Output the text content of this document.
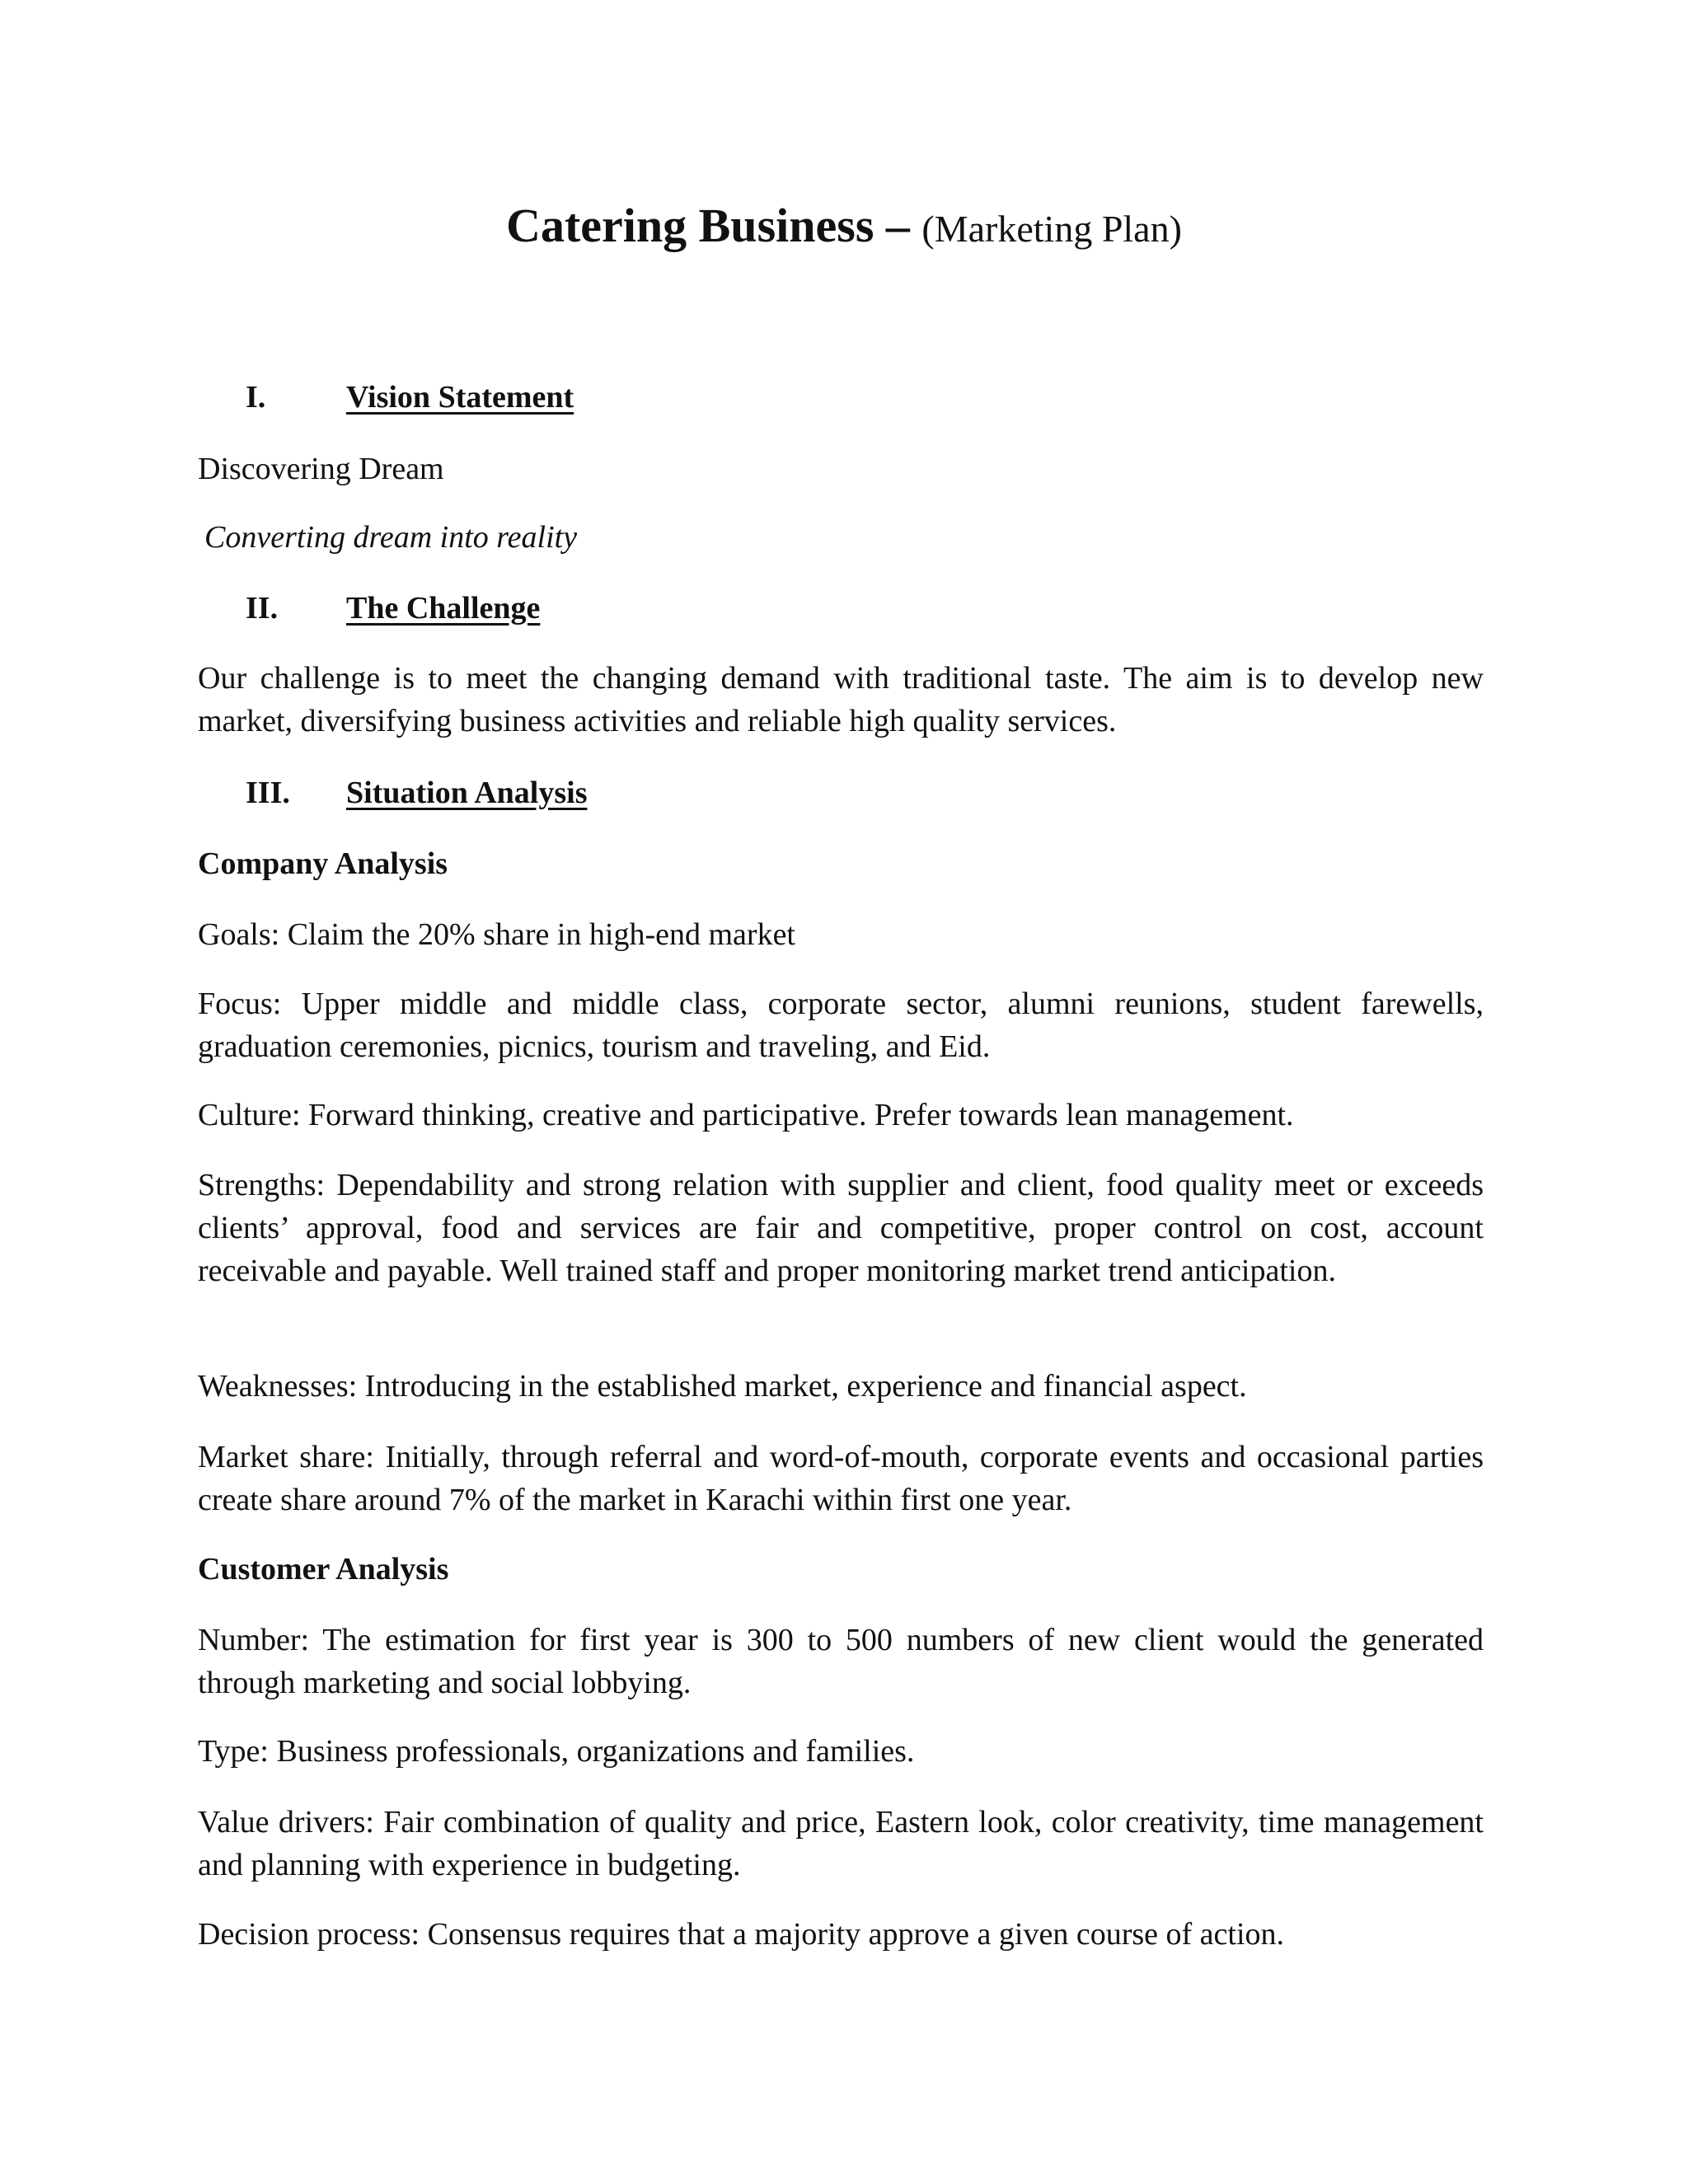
Catering Business – (Marketing Plan)
I.	Vision Statement
Discovering Dream
Converting dream into reality
II. The Challenge
Our challenge is to meet the changing demand with traditional taste. The aim is to develop new market, diversifying business activities and reliable high quality services.
III. Situation Analysis
Company Analysis
Goals: Claim the 20% share in high-end market
Focus: Upper middle and middle class, corporate sector, alumni reunions, student farewells, graduation ceremonies, picnics, tourism and traveling, and Eid.
Culture: Forward thinking, creative and participative. Prefer towards lean management.
Strengths: Dependability and strong relation with supplier and client, food quality meet or exceeds clients’ approval, food and services are fair and competitive, proper control on cost, account receivable and payable. Well trained staff and proper monitoring market trend anticipation.
Weaknesses: Introducing in the established market, experience and financial aspect.
Market share: Initially, through referral and word-of-mouth, corporate events and occasional parties create share around 7% of the market in Karachi within first one year.
Customer Analysis
Number: The estimation for first year is 300 to 500 numbers of new client would the generated through marketing and social lobbying.
Type: Business professionals, organizations and families.
Value drivers: Fair combination of quality and price, Eastern look, color creativity, time management and planning with experience in budgeting.
Decision process: Consensus requires that a majority approve a given course of action.
